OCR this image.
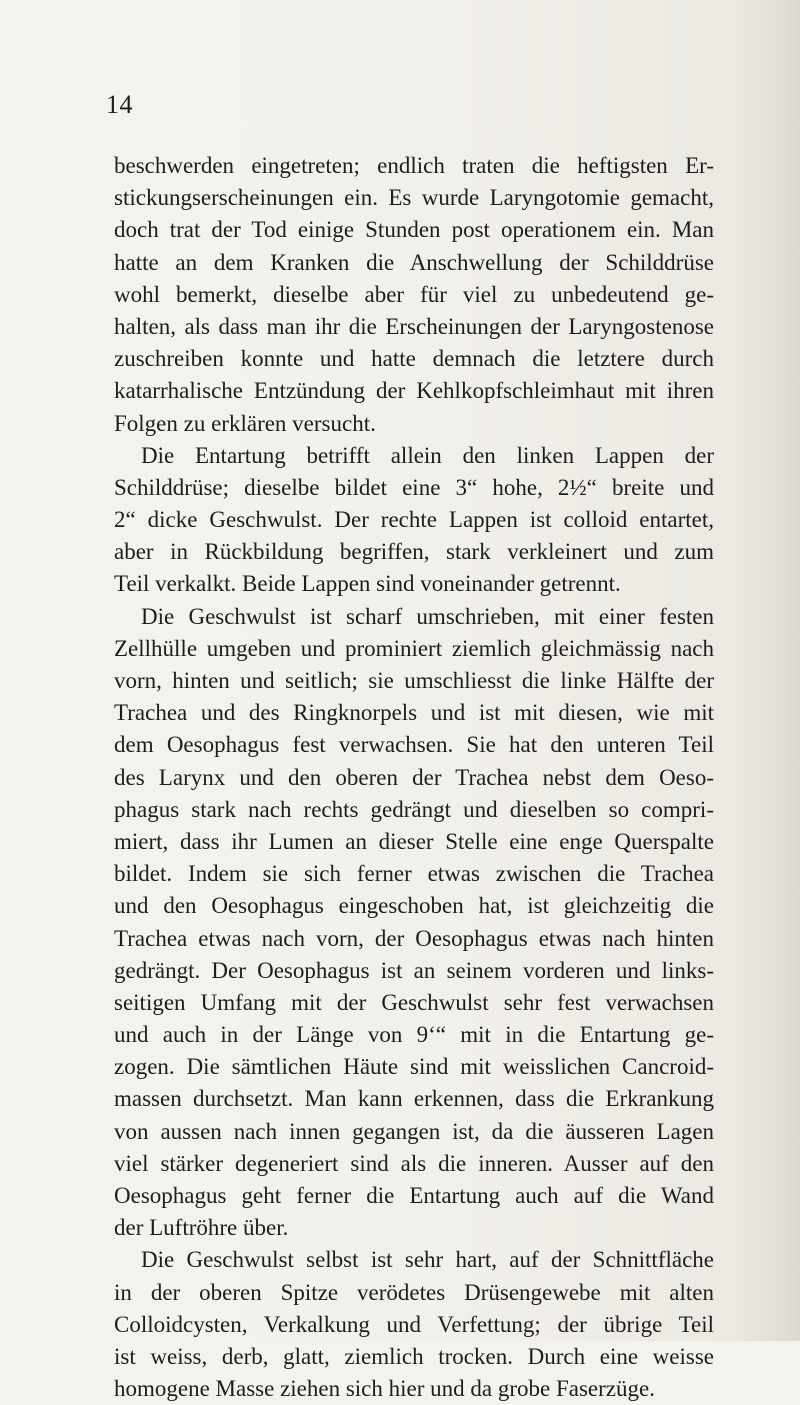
14
beschwerden eingetreten; endlich traten die heftigsten Er-
stickungserscheinungen ein. Es wurde Laryngotomie gemacht,
doch trat der Tod einige Stunden post operationem ein. Man
hatte an dem Kranken die Anschwellung der Schilddrüse
wohl bemerkt, dieselbe aber für viel zu unbedeutend ge-
halten, als dass man ihr die Erscheinungen der Laryngostenose
zuschreiben konnte und hatte demnach die letztere durch
katarrhalische Entzündung der Kehlkopfschleimhaut mit ihren
Folgen zu erklären versucht.
Die Entartung betrifft allein den linken Lappen der
Schilddrüse; dieselbe bildet eine 3“ hohe, 2½“ breite und
2“ dicke Geschwulst. Der rechte Lappen ist colloid entartet,
aber in Rückbildung begriffen, stark verkleinert und zum
Teil verkalkt. Beide Lappen sind voneinander getrennt.
Die Geschwulst ist scharf umschrieben, mit einer festen
Zellhülle umgeben und prominiert ziemlich gleichmässig nach
vorn, hinten und seitlich; sie umschliesst die linke Hälfte der
Trachea und des Ringknorpels und ist mit diesen, wie mit
dem Oesophagus fest verwachsen. Sie hat den unteren Teil
des Larynx und den oberen der Trachea nebst dem Oeso-
phagus stark nach rechts gedrängt und dieselben so compri-
miert, dass ihr Lumen an dieser Stelle eine enge Querspalte
bildet. Indem sie sich ferner etwas zwischen die Trachea
und den Oesophagus eingeschoben hat, ist gleichzeitig die
Trachea etwas nach vorn, der Oesophagus etwas nach hinten
gedrängt. Der Oesophagus ist an seinem vorderen und links-
seitigen Umfang mit der Geschwulst sehr fest verwachsen
und auch in der Länge von 9‘“ mit in die Entartung ge-
zogen. Die sämtlichen Häute sind mit weisslichen Cancroid-
massen durchsetzt. Man kann erkennen, dass die Erkrankung
von aussen nach innen gegangen ist, da die äusseren Lagen
viel stärker degeneriert sind als die inneren. Ausser auf den
Oesophagus geht ferner die Entartung auch auf die Wand
der Luftröhre über.
Die Geschwulst selbst ist sehr hart, auf der Schnittfläche
in der oberen Spitze verödetes Drüsengewebe mit alten
Colloidcysten, Verkalkung und Verfettung; der übrige Teil
ist weiss, derb, glatt, ziemlich trocken. Durch eine weisse
homogene Masse ziehen sich hier und da grobe Faserzüge.
